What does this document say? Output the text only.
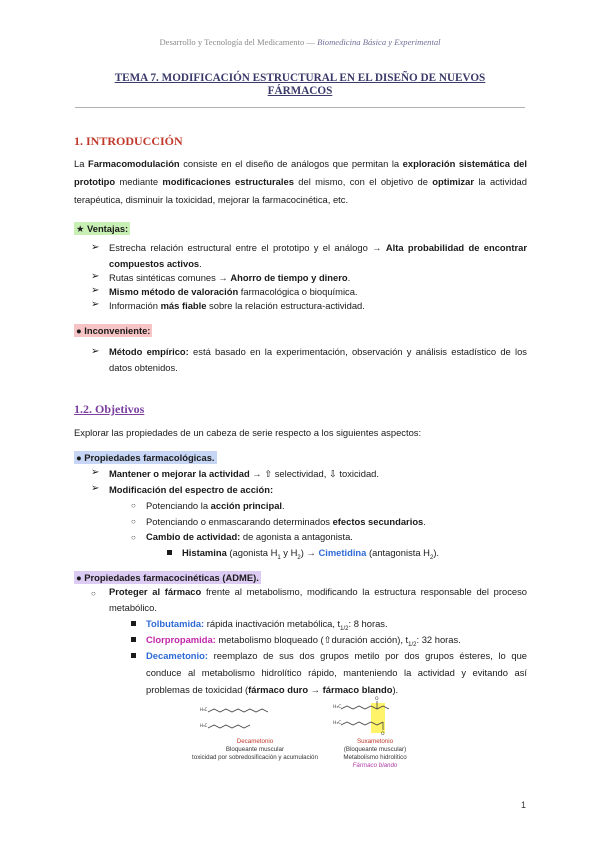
Desarrollo y Tecnología del Medicamento — Biomedicina Básica y Experimental
TEMA 7. MODIFICACIÓN ESTRUCTURAL EN EL DISEÑO DE NUEVOS
FÁRMACOS
1. INTRODUCCIÓN
La Farmacomodulación consiste en el diseño de análogos que permitan la exploración sistemática del prototipo mediante modificaciones estructurales del mismo, con el objetivo de optimizar la actividad terapéutica, disminuir la toxicidad, mejorar la farmacocinética, etc.
★ Ventajas:
➢ Estrecha relación estructural entre el prototipo y el análogo → Alta probabilidad de encontrar compuestos activos.
➢ Rutas sintéticas comunes → Ahorro de tiempo y dinero.
➢ Mismo método de valoración farmacológica o bioquímica.
➢ Información más fiable sobre la relación estructura-actividad.
● Inconveniente:
➢ Método empírico: está basado en la experimentación, observación y análisis estadístico de los datos obtenidos.
1.2. Objetivos
Explorar las propiedades de un cabeza de serie respecto a los siguientes aspectos:
● Propiedades farmacológicas.
➢ Mantener o mejorar la actividad → ⇧ selectividad, ⇩ toxicidad.
➢ Modificación del espectro de acción:
○ Potenciando la acción principal.
○ Potenciando o enmascarando determinados efectos secundarios.
○ Cambio de actividad: de agonista a antagonista.
Histamina (agonista $H_1$ y $H_2$) → Cimetidina (antagonista $H_2$).
● Propiedades farmacocinéticas (ADME).
○ Proteger al fármaco frente al metabolismo, modificando la estructura responsable del proceso metabólico.
Tolbutamida: rápida inactivación metabólica, $t_{1/2}$: 8 horas.
Clorpropamida: metabolismo bloqueado (⇧duración acción), $t_{1/2}$: 32 horas.
Decametonio: reemplazo de sus dos grupos metilo por dos grupos ésteres, lo que conduce al metabolismo hidrolítico rápido, manteniendo la actividad y evitando así problemas de toxicidad (fármaco duro → fármaco blando).
H₃C
H₃C
H₃C
H₃C
O
O
Decametonio
Bloqueante muscular
toxicidad por sobredosificación y acumulación
Suxametonio
(Bloqueante muscular)
Metabolismo hidrolítico
Fármaco blando
1
